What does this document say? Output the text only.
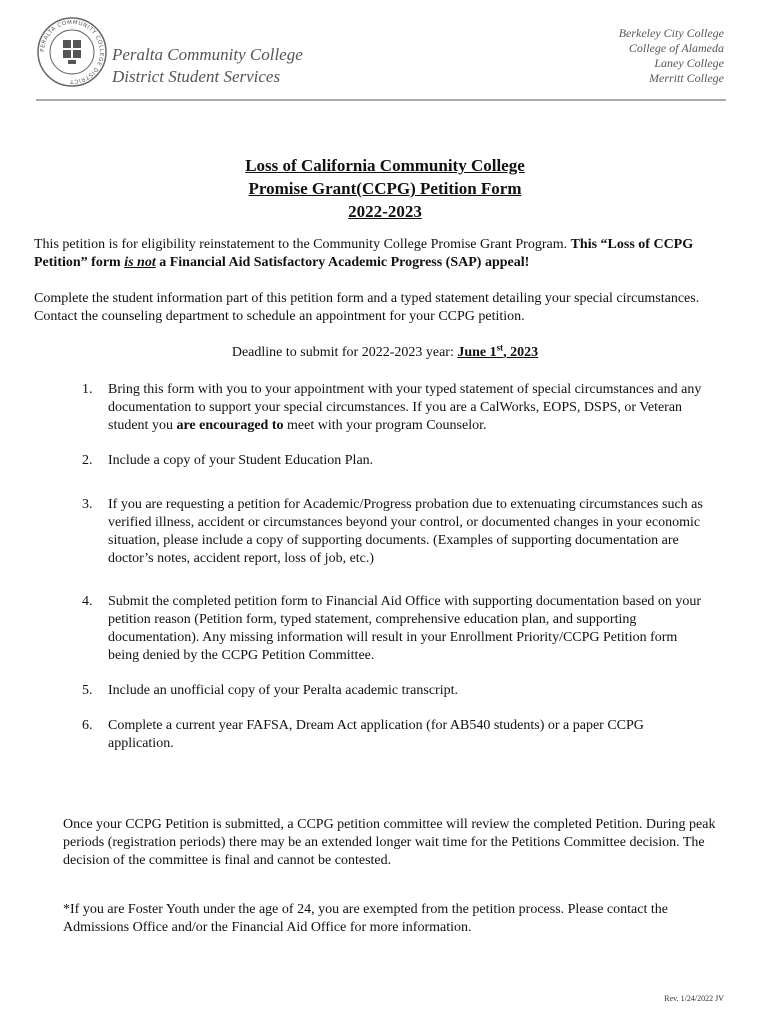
PERALTA COMMUNITY COLLEGE DISTRICT
Peralta Community College
District Student Services
Berkeley City College
College of Alameda
Laney College
Merritt College
Loss of California Community College
Promise Grant(CCPG) Petition Form
2022-2023
This petition is for eligibility reinstatement to the Community College Promise Grant Program. This “Loss of CCPG Petition” form is not a Financial Aid Satisfactory Academic Progress (SAP) appeal!
Complete the student information part of this petition form and a typed statement detailing your special circumstances. Contact the counseling department to schedule an appointment for your CCPG petition.
Deadline to submit for 2022-2023 year: June 1st, 2023
1. Bring this form with you to your appointment with your typed statement of special circumstances and any documentation to support your special circumstances. If you are a CalWorks, EOPS, DSPS, or Veteran student you are encouraged to meet with your program Counselor.
2. Include a copy of your Student Education Plan.
3. If you are requesting a petition for Academic/Progress probation due to extenuating circumstances such as verified illness, accident or circumstances beyond your control, or documented changes in your economic situation, please include a copy of supporting documents. (Examples of supporting documentation are doctor’s notes, accident report, loss of job, etc.)
4. Submit the completed petition form to Financial Aid Office with supporting documentation based on your petition reason (Petition form, typed statement, comprehensive education plan, and supporting documentation). Any missing information will result in your Enrollment Priority/CCPG Petition form being denied by the CCPG Petition Committee.
5. Include an unofficial copy of your Peralta academic transcript.
6. Complete a current year FAFSA, Dream Act application (for AB540 students) or a paper CCPG application.
Once your CCPG Petition is submitted, a CCPG petition committee will review the completed Petition. During peak periods (registration periods) there may be an extended longer wait time for the Petitions Committee decision. The decision of the committee is final and cannot be contested.
*If you are Foster Youth under the age of 24, you are exempted from the petition process. Please contact the Admissions Office and/or the Financial Aid Office for more information.
Rev. 1/24/2022 JV
